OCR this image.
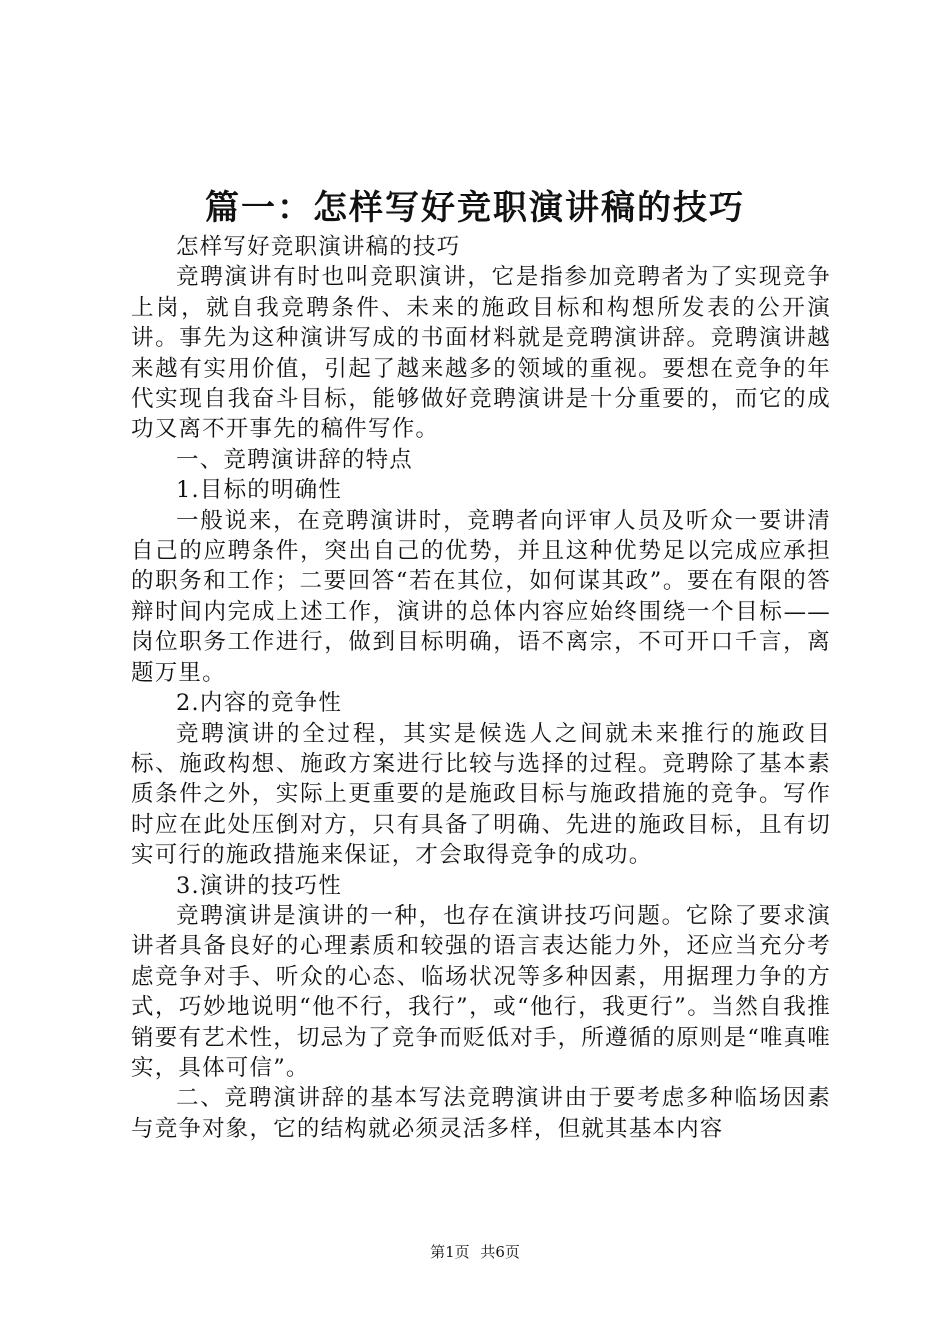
篇一：怎样写好竞职演讲稿的技巧

怎样写好竞职演讲稿的技巧

竞聘演讲有时也叫竞职演讲，它是指参加竞聘者为了实现竞争上岗，就自我竞聘条件、未来的施政目标和构想所发表的公开演讲。事先为这种演讲写成的书面材料就是竞聘演讲辞。竞聘演讲越来越有实用价值，引起了越来越多的领域的重视。要想在竞争的年代实现自我奋斗目标，能够做好竞聘演讲是十分重要的，而它的成功又离不开事先的稿件写作。

一、竞聘演讲辞的特点

1.目标的明确性

一般说来，在竞聘演讲时，竞聘者向评审人员及听众一要讲清自己的应聘条件，突出自己的优势，并且这种优势足以完成应承担的职务和工作；二要回答“若在其位，如何谋其政”。要在有限的答辩时间内完成上述工作，演讲的总体内容应始终围绕一个目标——岗位职务工作进行，做到目标明确，语不离宗，不可开口千言，离题万里。

2.内容的竞争性

竞聘演讲的全过程，其实是候选人之间就未来推行的施政目标、施政构想、施政方案进行比较与选择的过程。竞聘除了基本素质条件之外，实际上更重要的是施政目标与施政措施的竞争。写作时应在此处压倒对方，只有具备了明确、先进的施政目标，且有切实可行的施政措施来保证，才会取得竞争的成功。

3.演讲的技巧性

竞聘演讲是演讲的一种，也存在演讲技巧问题。它除了要求演讲者具备良好的心理素质和较强的语言表达能力外，还应当充分考虑竞争对手、听众的心态、临场状况等多种因素，用据理力争的方式，巧妙地说明“他不行，我行”，或“他行，我更行”。当然自我推销要有艺术性，切忌为了竞争而贬低对手，所遵循的原则是“唯真唯实，具体可信”。

二、竞聘演讲辞的基本写法竞聘演讲由于要考虑多种临场因素与竞争对象，它的结构就必须灵活多样，但就其基本内容

第1页 共6页
